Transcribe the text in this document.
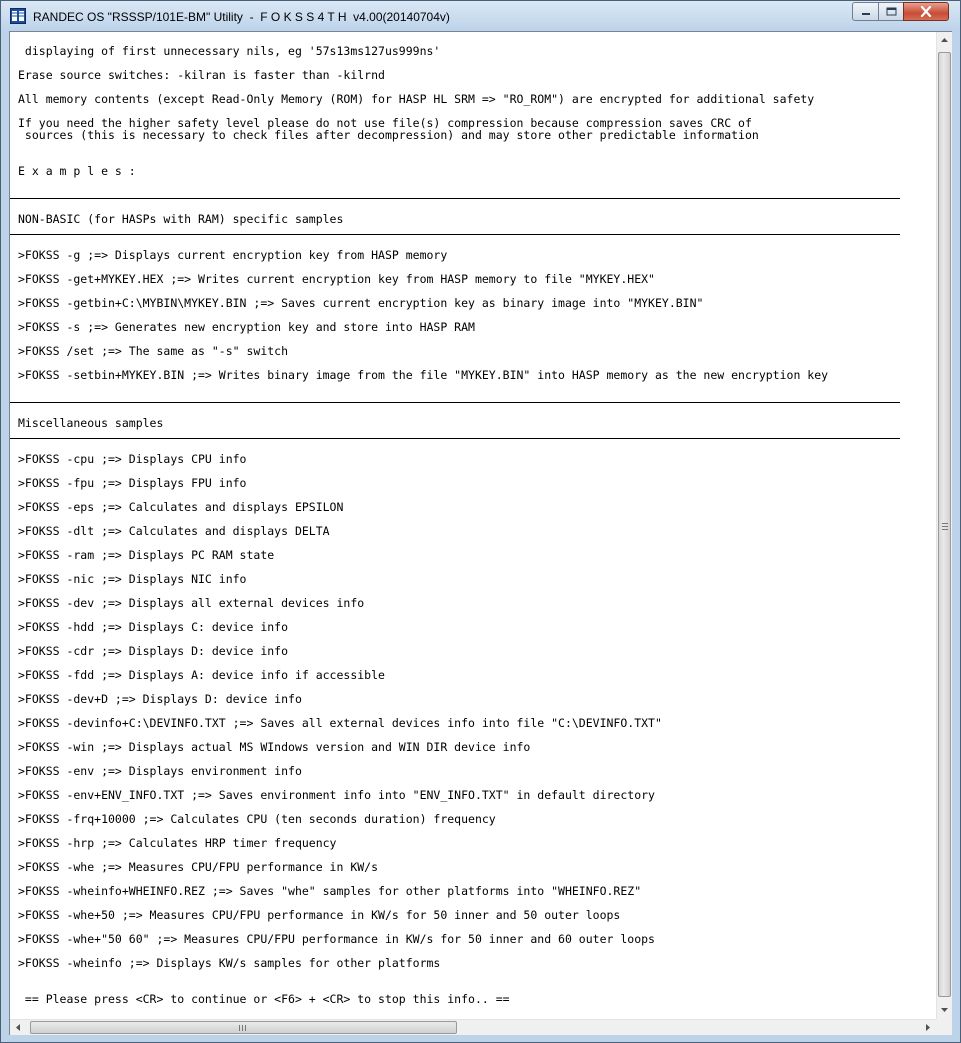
RANDEC OS "RSSSP/101E-BM" Utility  -  F O K S S 4 T H  v4.00(20140704v)
displaying of first unnecessary nils, eg '57s13ms127us999ns'
Erase source switches: -kilran is faster than -kilrnd
All memory contents (except Read-Only Memory (ROM) for HASP HL SRM => "RO_ROM") are encrypted for additional safety
If you need the higher safety level please do not use file(s) compression because compression saves CRC of
sources (this is necessary to check files after decompression) and may store other predictable information
E x a m p l e s :
NON-BASIC (for HASPs with RAM) specific samples
>FOKSS -g ;=> Displays current encryption key from HASP memory
>FOKSS -get+MYKEY.HEX ;=> Writes current encryption key from HASP memory to file "MYKEY.HEX"
>FOKSS -getbin+C:\MYBIN\MYKEY.BIN ;=> Saves current encryption key as binary image into "MYKEY.BIN"
>FOKSS -s ;=> Generates new encryption key and store into HASP RAM
>FOKSS /set ;=> The same as "-s" switch
>FOKSS -setbin+MYKEY.BIN ;=> Writes binary image from the file "MYKEY.BIN" into HASP memory as the new encryption key
Miscellaneous samples
>FOKSS -cpu ;=> Displays CPU info
>FOKSS -fpu ;=> Displays FPU info
>FOKSS -eps ;=> Calculates and displays EPSILON
>FOKSS -dlt ;=> Calculates and displays DELTA
>FOKSS -ram ;=> Displays PC RAM state
>FOKSS -nic ;=> Displays NIC info
>FOKSS -dev ;=> Displays all external devices info
>FOKSS -hdd ;=> Displays C: device info
>FOKSS -cdr ;=> Displays D: device info
>FOKSS -fdd ;=> Displays A: device info if accessible
>FOKSS -dev+D ;=> Displays D: device info
>FOKSS -devinfo+C:\DEVINFO.TXT ;=> Saves all external devices info into file "C:\DEVINFO.TXT"
>FOKSS -win ;=> Displays actual MS WIndows version and WIN DIR device info
>FOKSS -env ;=> Displays environment info
>FOKSS -env+ENV_INFO.TXT ;=> Saves environment info into "ENV_INFO.TXT" in default directory
>FOKSS -frq+10000 ;=> Calculates CPU (ten seconds duration) frequency
>FOKSS -hrp ;=> Calculates HRP timer frequency
>FOKSS -whe ;=> Measures CPU/FPU performance in KW/s
>FOKSS -wheinfo+WHEINFO.REZ ;=> Saves "whe" samples for other platforms into "WHEINFO.REZ"
>FOKSS -whe+50 ;=> Measures CPU/FPU performance in KW/s for 50 inner and 50 outer loops
>FOKSS -whe+"50 60" ;=> Measures CPU/FPU performance in KW/s for 50 inner and 60 outer loops
>FOKSS -wheinfo ;=> Displays KW/s samples for other platforms
== Please press <CR> to continue or <F6> + <CR> to stop this info.. ==
